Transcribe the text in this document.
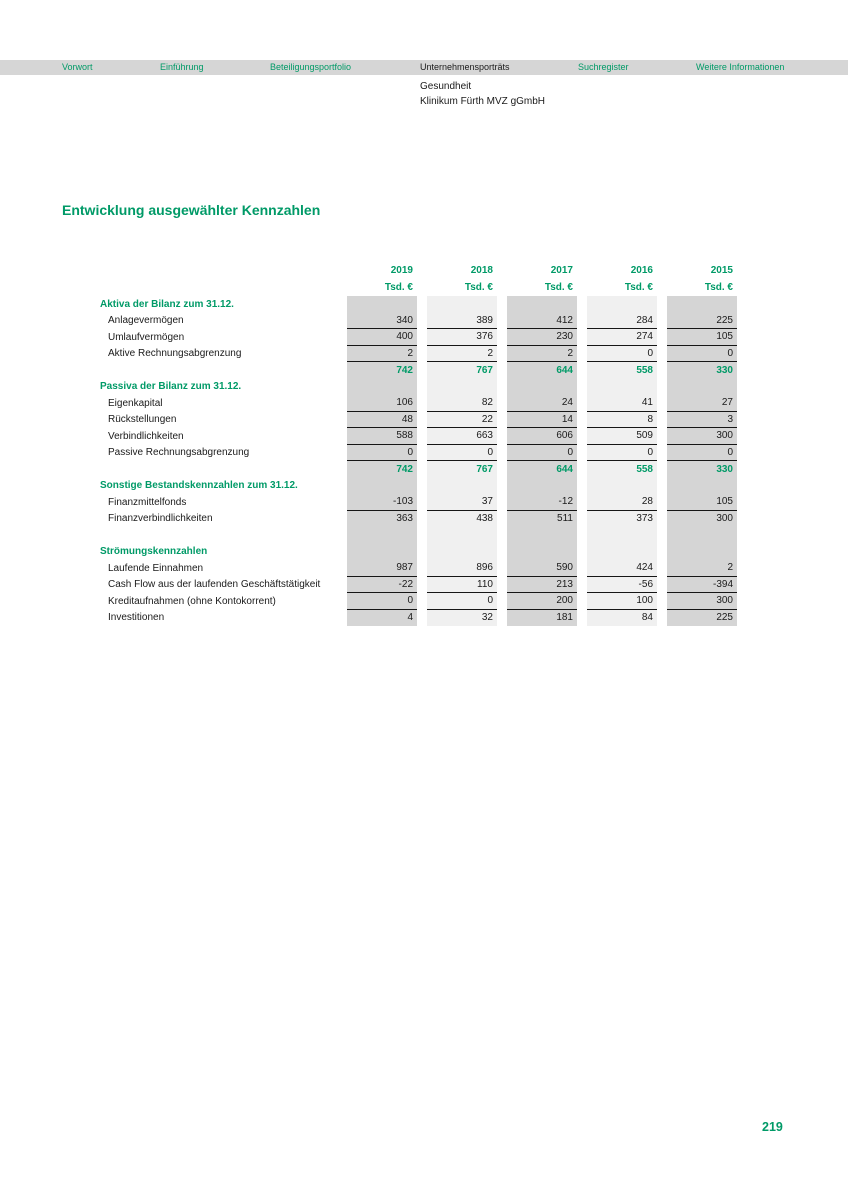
Vorwort	Einführung	Beteiligungsportfolio	Unternehmensporträts	Suchregister	Weitere Informationen
Gesundheit
Klinikum Fürth MVZ gGmbH
Entwicklung ausgewählter Kennzahlen
2019	2018	2017	2016	2015
Tsd. €	Tsd. €	Tsd. €	Tsd. €	Tsd. €
Aktiva der Bilanz zum 31.12.
Anlagevermögen	340	389	412	284	225
Umlaufvermögen	400	376	230	274	105
Aktive Rechnungsabgrenzung	2	2	2	0	0
742	767	644	558	330
Passiva der Bilanz zum 31.12.
Eigenkapital	106	82	24	41	27
Rückstellungen	48	22	14	8	3
Verbindlichkeiten	588	663	606	509	300
Passive Rechnungsabgrenzung	0	0	0	0	0
742	767	644	558	330
Sonstige Bestandskennzahlen zum 31.12.
Finanzmittelfonds	-103	37	-12	28	105
Finanzverbindlichkeiten	363	438	511	373	300
Strömungskennzahlen
Laufende Einnahmen	987	896	590	424	2
Cash Flow aus der laufenden Geschäftstätigkeit	-22	110	213	-56	-394
Kreditaufnahmen (ohne Kontokorrent)	0	0	200	100	300
Investitionen	4	32	181	84	225
219
